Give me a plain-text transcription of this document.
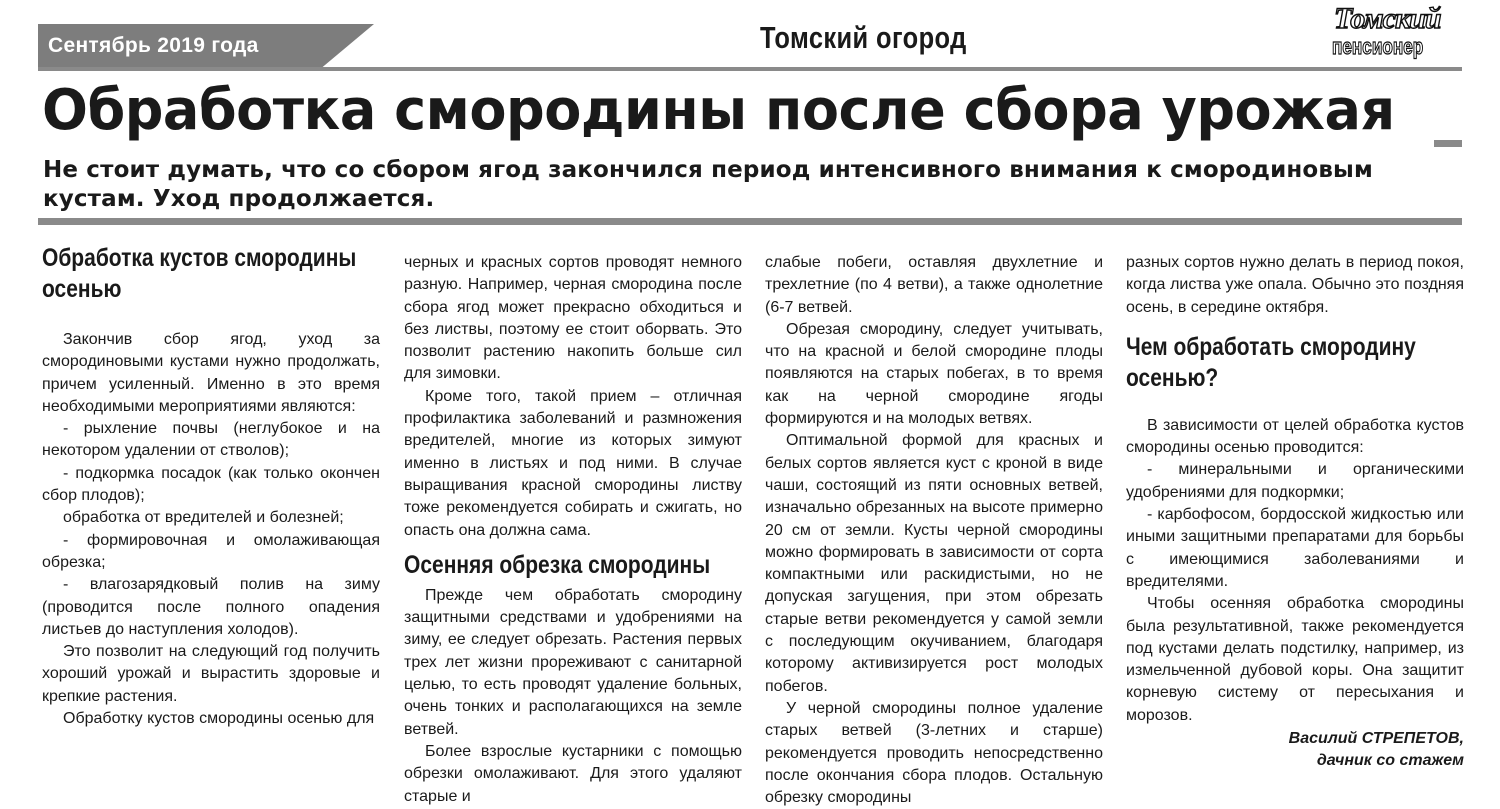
Сентябрь 2019 года	Томский огород
Томский
пенсионер
Обработка смородины после сбора урожая
Не стоит думать, что со сбором ягод закончился период интенсивного внимания к смородиновым кустам. Уход продолжается.
Обработка кустов смородины осенью

Закончив сбор ягод, уход за смородиновыми кустами нужно продолжать, причем усиленный. Именно в это время необходимыми мероприятиями являются:

- рыхление почвы (неглубокое и на некотором удалении от стволов);

- подкормка посадок (как только окончен сбор плодов);

обработка от вредителей и болезней;

- формировочная и омолаживающая обрезка;

- влагозарядковый полив на зиму (проводится после полного опадения листьев до наступления холодов).

Это позволит на следующий год получить хороший урожай и вырастить здоровые и крепкие растения.

Обработку кустов смородины осенью для

черных и красных сортов проводят немного разную. Например, черная смородина после сбора ягод может прекрасно обходиться и без листвы, поэтому ее стоит оборвать. Это позволит растению накопить больше сил для зимовки.

Кроме того, такой прием – отличная профилактика заболеваний и размножения вредителей, многие из которых зимуют именно в листьях и под ними. В случае выращивания красной смородины листву тоже рекомендуется собирать и сжигать, но опасть она должна сама.

Осенняя обрезка смородины

Прежде чем обработать смородину защитными средствами и удобрениями на зиму, ее следует обрезать. Растения первых трех лет жизни прореживают с санитарной целью, то есть проводят удаление больных, очень тонких и располагающихся на земле ветвей.

Более взрослые кустарники с помощью обрезки омолаживают. Для этого удаляют старые и

слабые побеги, оставляя двухлетние и трехлетние (по 4 ветви), а также однолетние (6-7 ветвей.

Обрезая смородину, следует учитывать, что на красной и белой смородине плоды появляются на старых побегах, в то время как на черной смородине ягоды формируются и на молодых ветвях.

Оптимальной формой для красных и белых сортов является куст с кроной в виде чаши, состоящий из пяти основных ветвей, изначально обрезанных на высоте примерно 20 см от земли. Кусты черной смородины можно формировать в зависимости от сорта компактными или раскидистыми, но не допуская загущения, при этом обрезать старые ветви рекомендуется у самой земли с последующим окучиванием, благодаря которому активизируется рост молодых побегов.

У черной смородины полное удаление старых ветвей (3-летних и старше) рекомендуется проводить непосредственно после окончания сбора плодов. Остальную обрезку смородины

разных сортов нужно делать в период покоя, когда листва уже опала. Обычно это поздняя осень, в середине октября.

Чем обработать смородину осенью?

В зависимости от целей обработка кустов смородины осенью проводится:

- минеральными и органическими удобрениями для подкормки;

- карбофосом, бордосской жидкостью или иными защитными препаратами для борьбы с имеющимися заболеваниями и вредителями.

Чтобы осенняя обработка смородины была результативной, также рекомендуется под кустами делать подстилку, например, из измельченной дубовой коры. Она защитит корневую систему от пересыхания и морозов.

Василий СТРЕПЕТОВ,
дачник со стажем
